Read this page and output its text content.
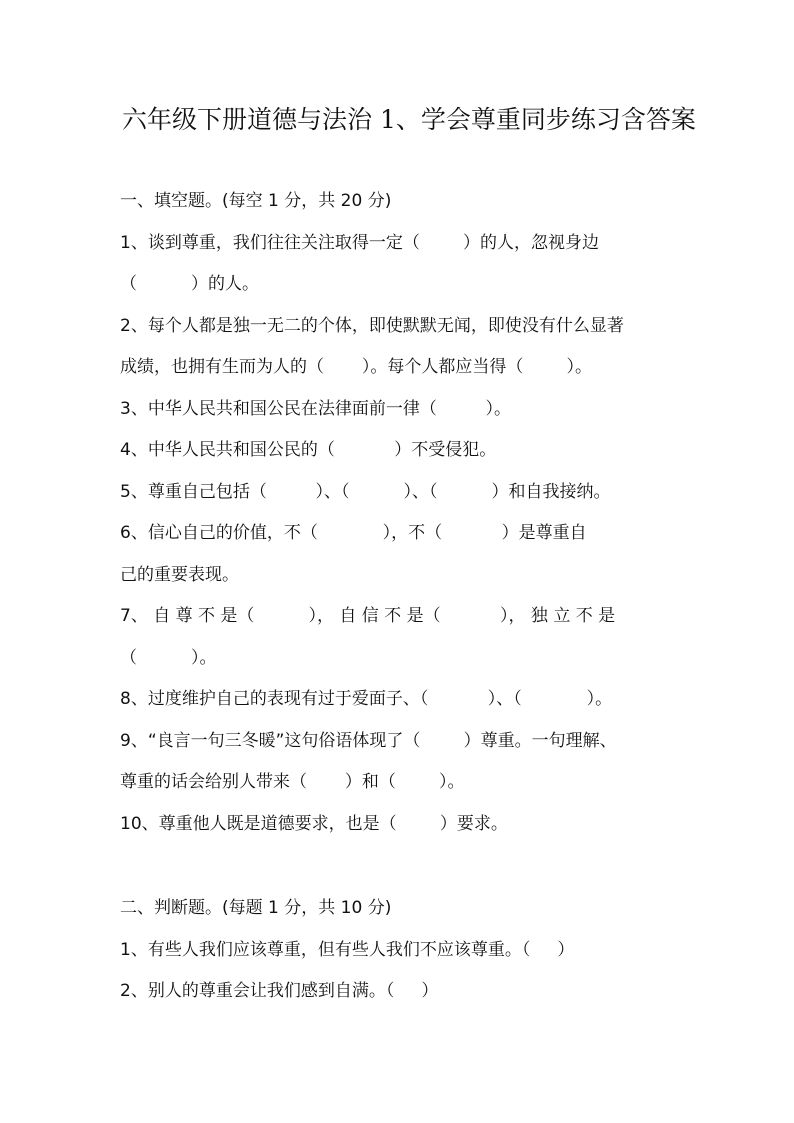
六年级下册道德与法治 1、学会尊重同步练习含答案
一、填空题。(每空 1 分，共 20 分)
1、谈到尊重，我们往往关注取得一定（        ）的人，忽视身边
（          ）的人。
2、每个人都是独一无二的个体，即使默默无闻，即使没有什么显著
成绩，也拥有生而为人的（       ）。每个人都应当得（        ）。
3、中华人民共和国公民在法律面前一律（         ）。
4、中华人民共和国公民的（           ）不受侵犯。
5、尊重自己包括（         ）、（          ）、（          ）和自我接纳。
6、信心自己的价值，不（            ），不（           ）是尊重自
己的重要表现。
7、 自 尊 不 是（          ）， 自 信 不 是（           ）， 独 立 不 是
（          ）。
8、过度维护自己的表现有过于爱面子、（           ）、（            ）。
9、“良言一句三冬暖”这句俗语体现了（        ）尊重。一句理解、
尊重的话会给别人带来（       ）和（        ）。
10、尊重他人既是道德要求，也是（        ）要求。
二、判断题。(每题 1 分，共 10 分)
1、有些人我们应该尊重，但有些人我们不应该尊重。（     ）
2、别人的尊重会让我们感到自满。（     ）
